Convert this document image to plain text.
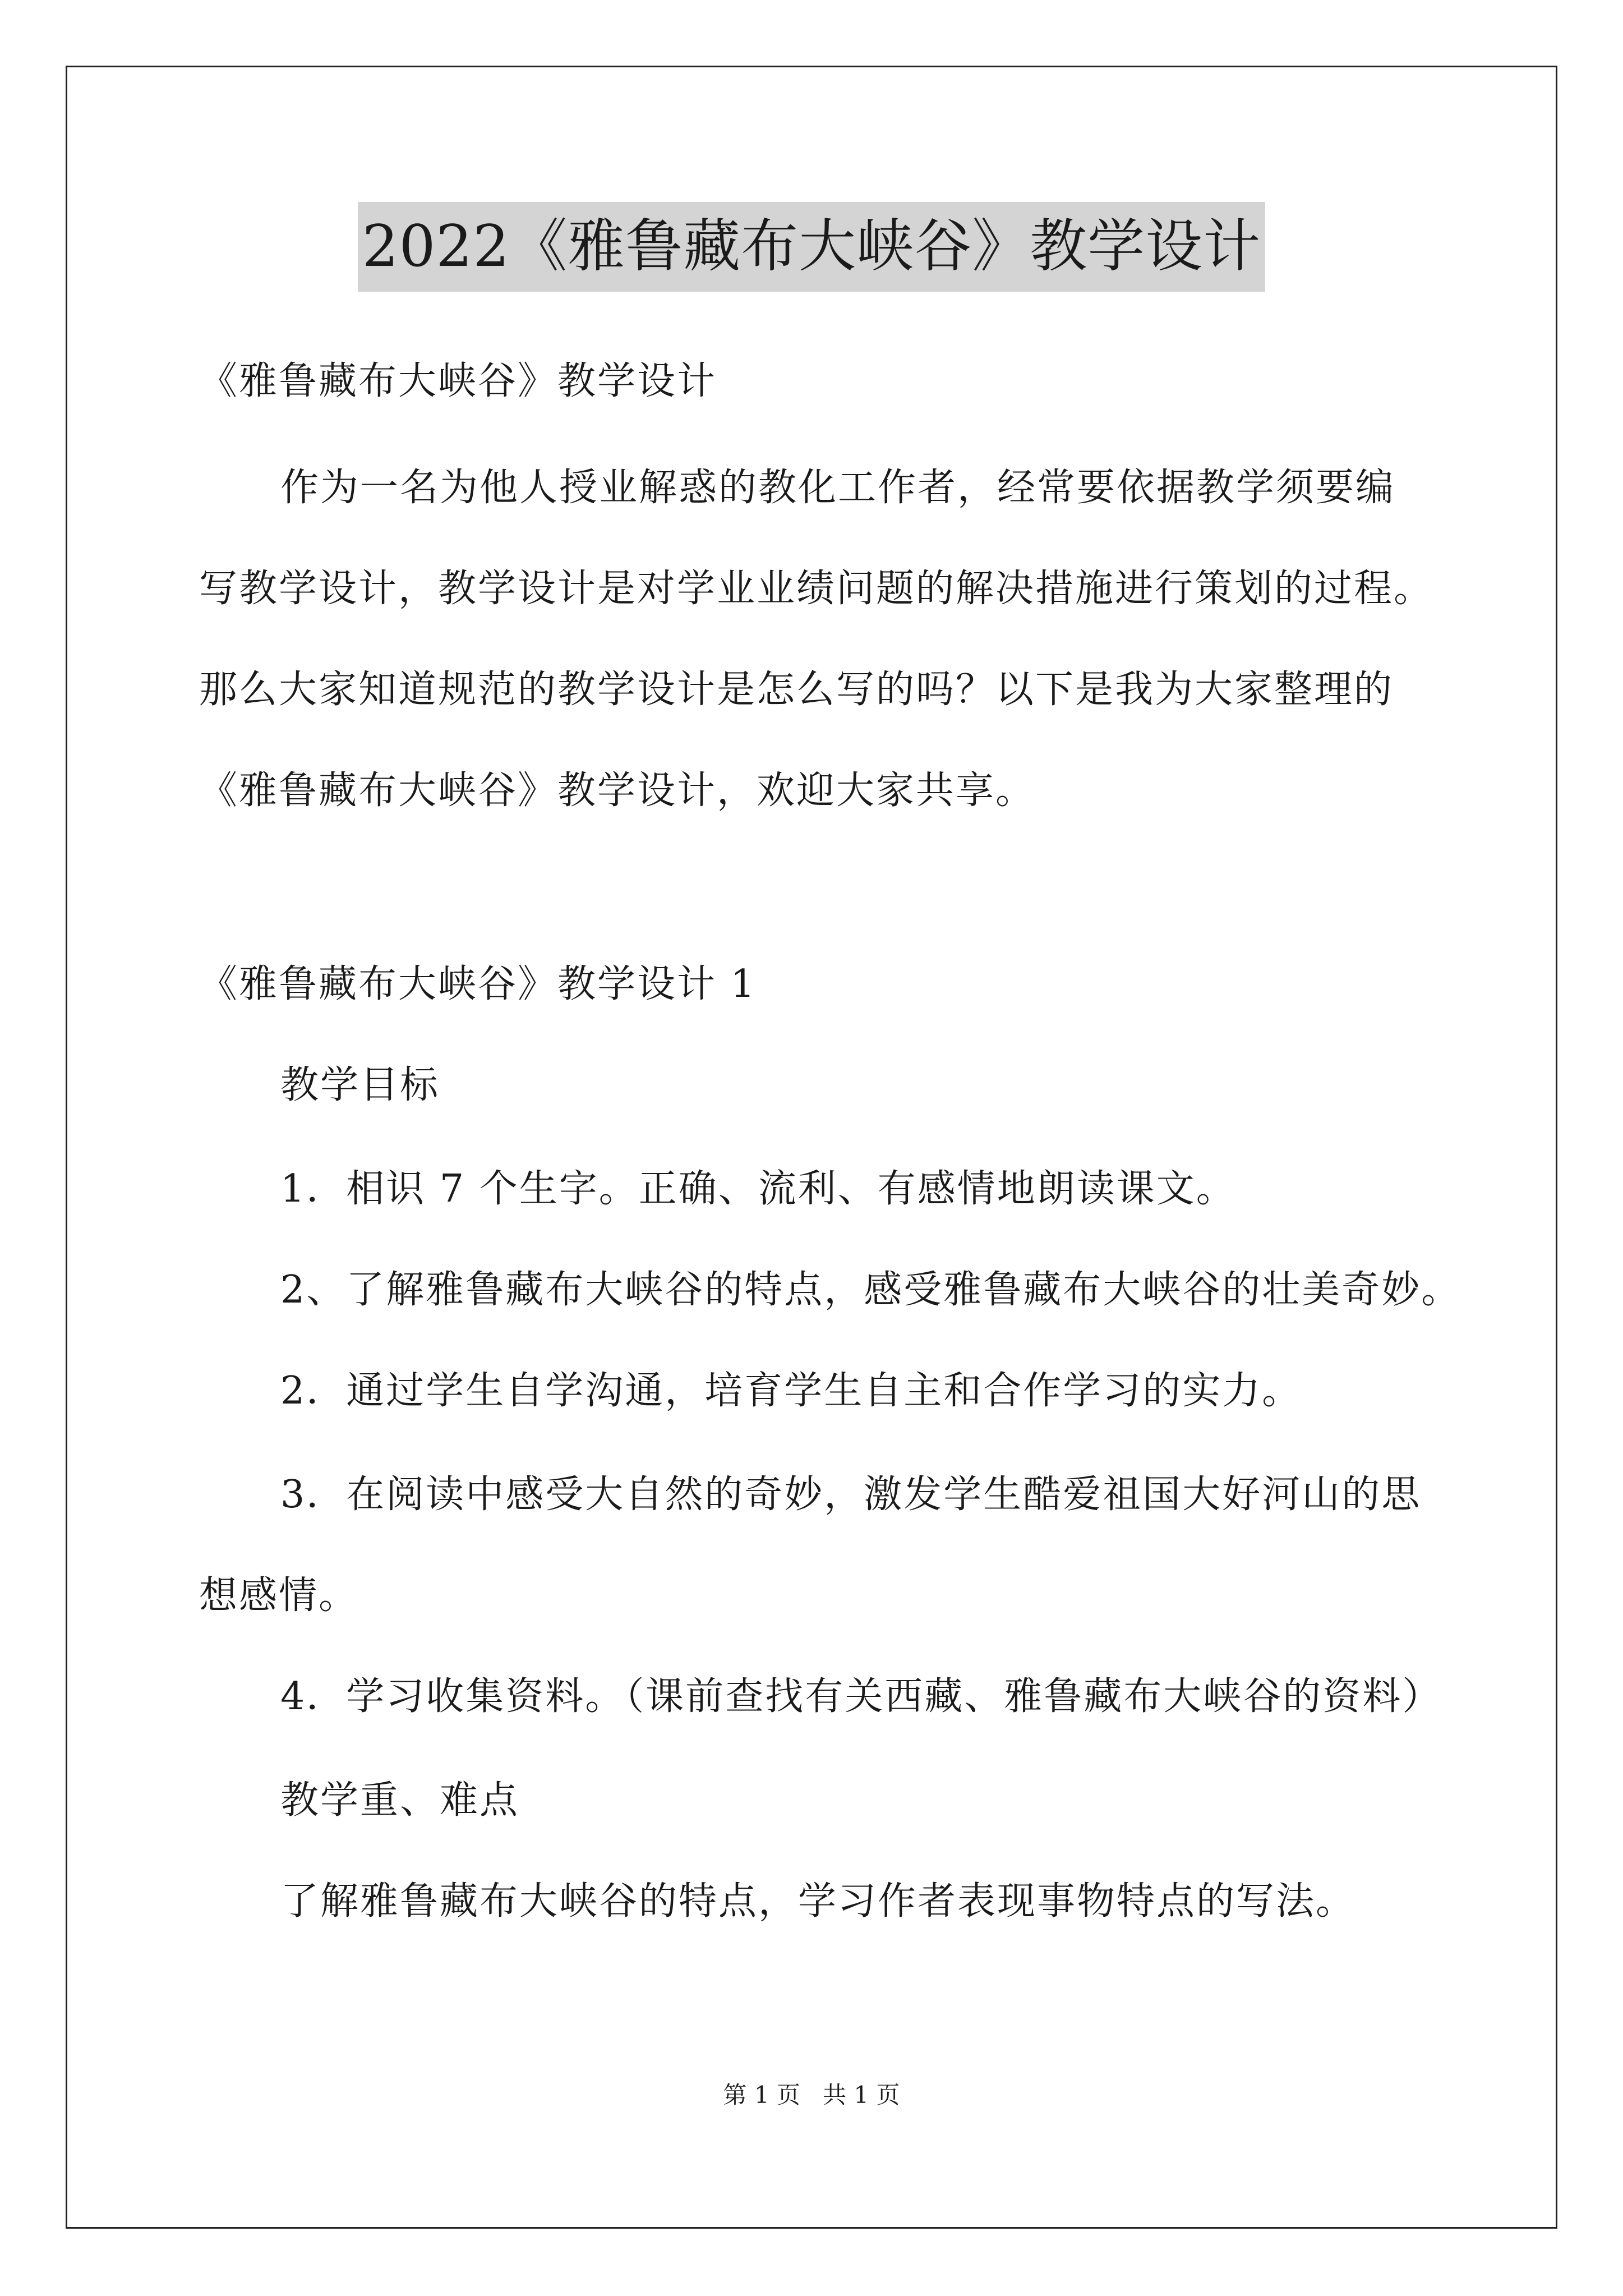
2022《雅鲁藏布大峡谷》教学设计
《雅鲁藏布大峡谷》教学设计
作为一名为他人授业解惑的教化工作者，经常要依据教学须要编
写教学设计，教学设计是对学业业绩问题的解决措施进行策划的过程。
那么大家知道规范的教学设计是怎么写的吗？以下是我为大家整理的
《雅鲁藏布大峡谷》教学设计，欢迎大家共享。
《雅鲁藏布大峡谷》教学设计 1
教学目标
1．相识 7 个生字。正确、流利、有感情地朗读课文。
2、了解雅鲁藏布大峡谷的特点，感受雅鲁藏布大峡谷的壮美奇妙。
2．通过学生自学沟通，培育学生自主和合作学习的实力。
3．在阅读中感受大自然的奇妙，激发学生酷爱祖国大好河山的思
想感情。
4．学习收集资料。（课前查找有关西藏、雅鲁藏布大峡谷的资料）
教学重、难点
了解雅鲁藏布大峡谷的特点，学习作者表现事物特点的写法。
第 1 页   共 1 页
